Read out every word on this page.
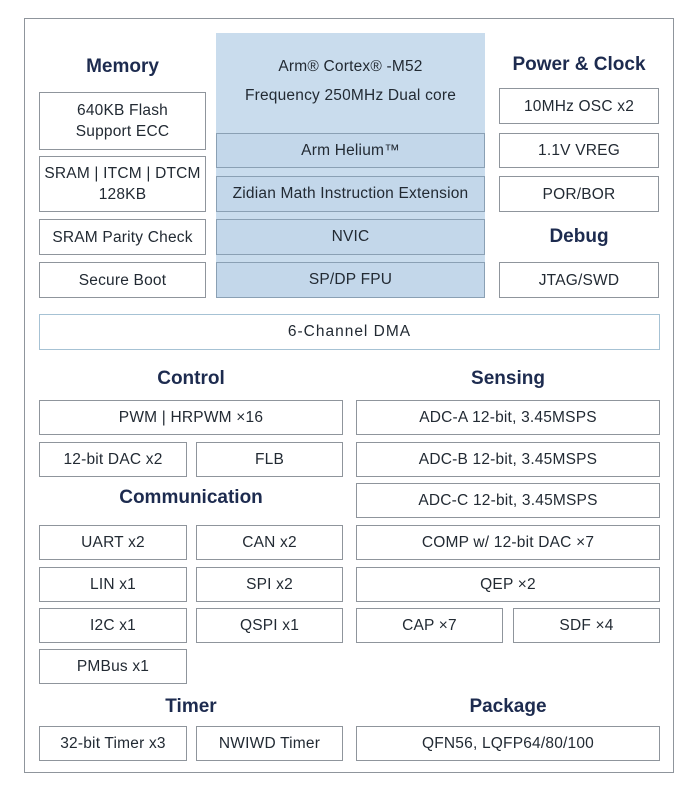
Memory
640KB Flash
Support ECC
SRAM | ITCM | DTCM
128KB
SRAM Parity Check
Secure Boot
Arm® Cortex® -M52
Frequency 250MHz Dual core
Arm Helium™
Zidian Math Instruction Extension
NVIC
SP/DP FPU
Power & Clock
10MHz OSC x2
1.1V VREG
POR/BOR
Debug
JTAG/SWD
6-Channel DMA
Control
PWM | HRPWM ×16
12-bit DAC x2	FLB
Communication
UART x2	CAN x2
LIN x1	SPI x2
I2C x1	QSPI x1
PMBus x1
Sensing
ADC-A 12-bit, 3.45MSPS
ADC-B 12-bit, 3.45MSPS
ADC-C 12-bit, 3.45MSPS
COMP w/ 12-bit DAC ×7
QEP ×2
CAP ×7	SDF ×4
Timer
32-bit Timer x3	NWIWD Timer
Package
QFN56, LQFP64/80/100
